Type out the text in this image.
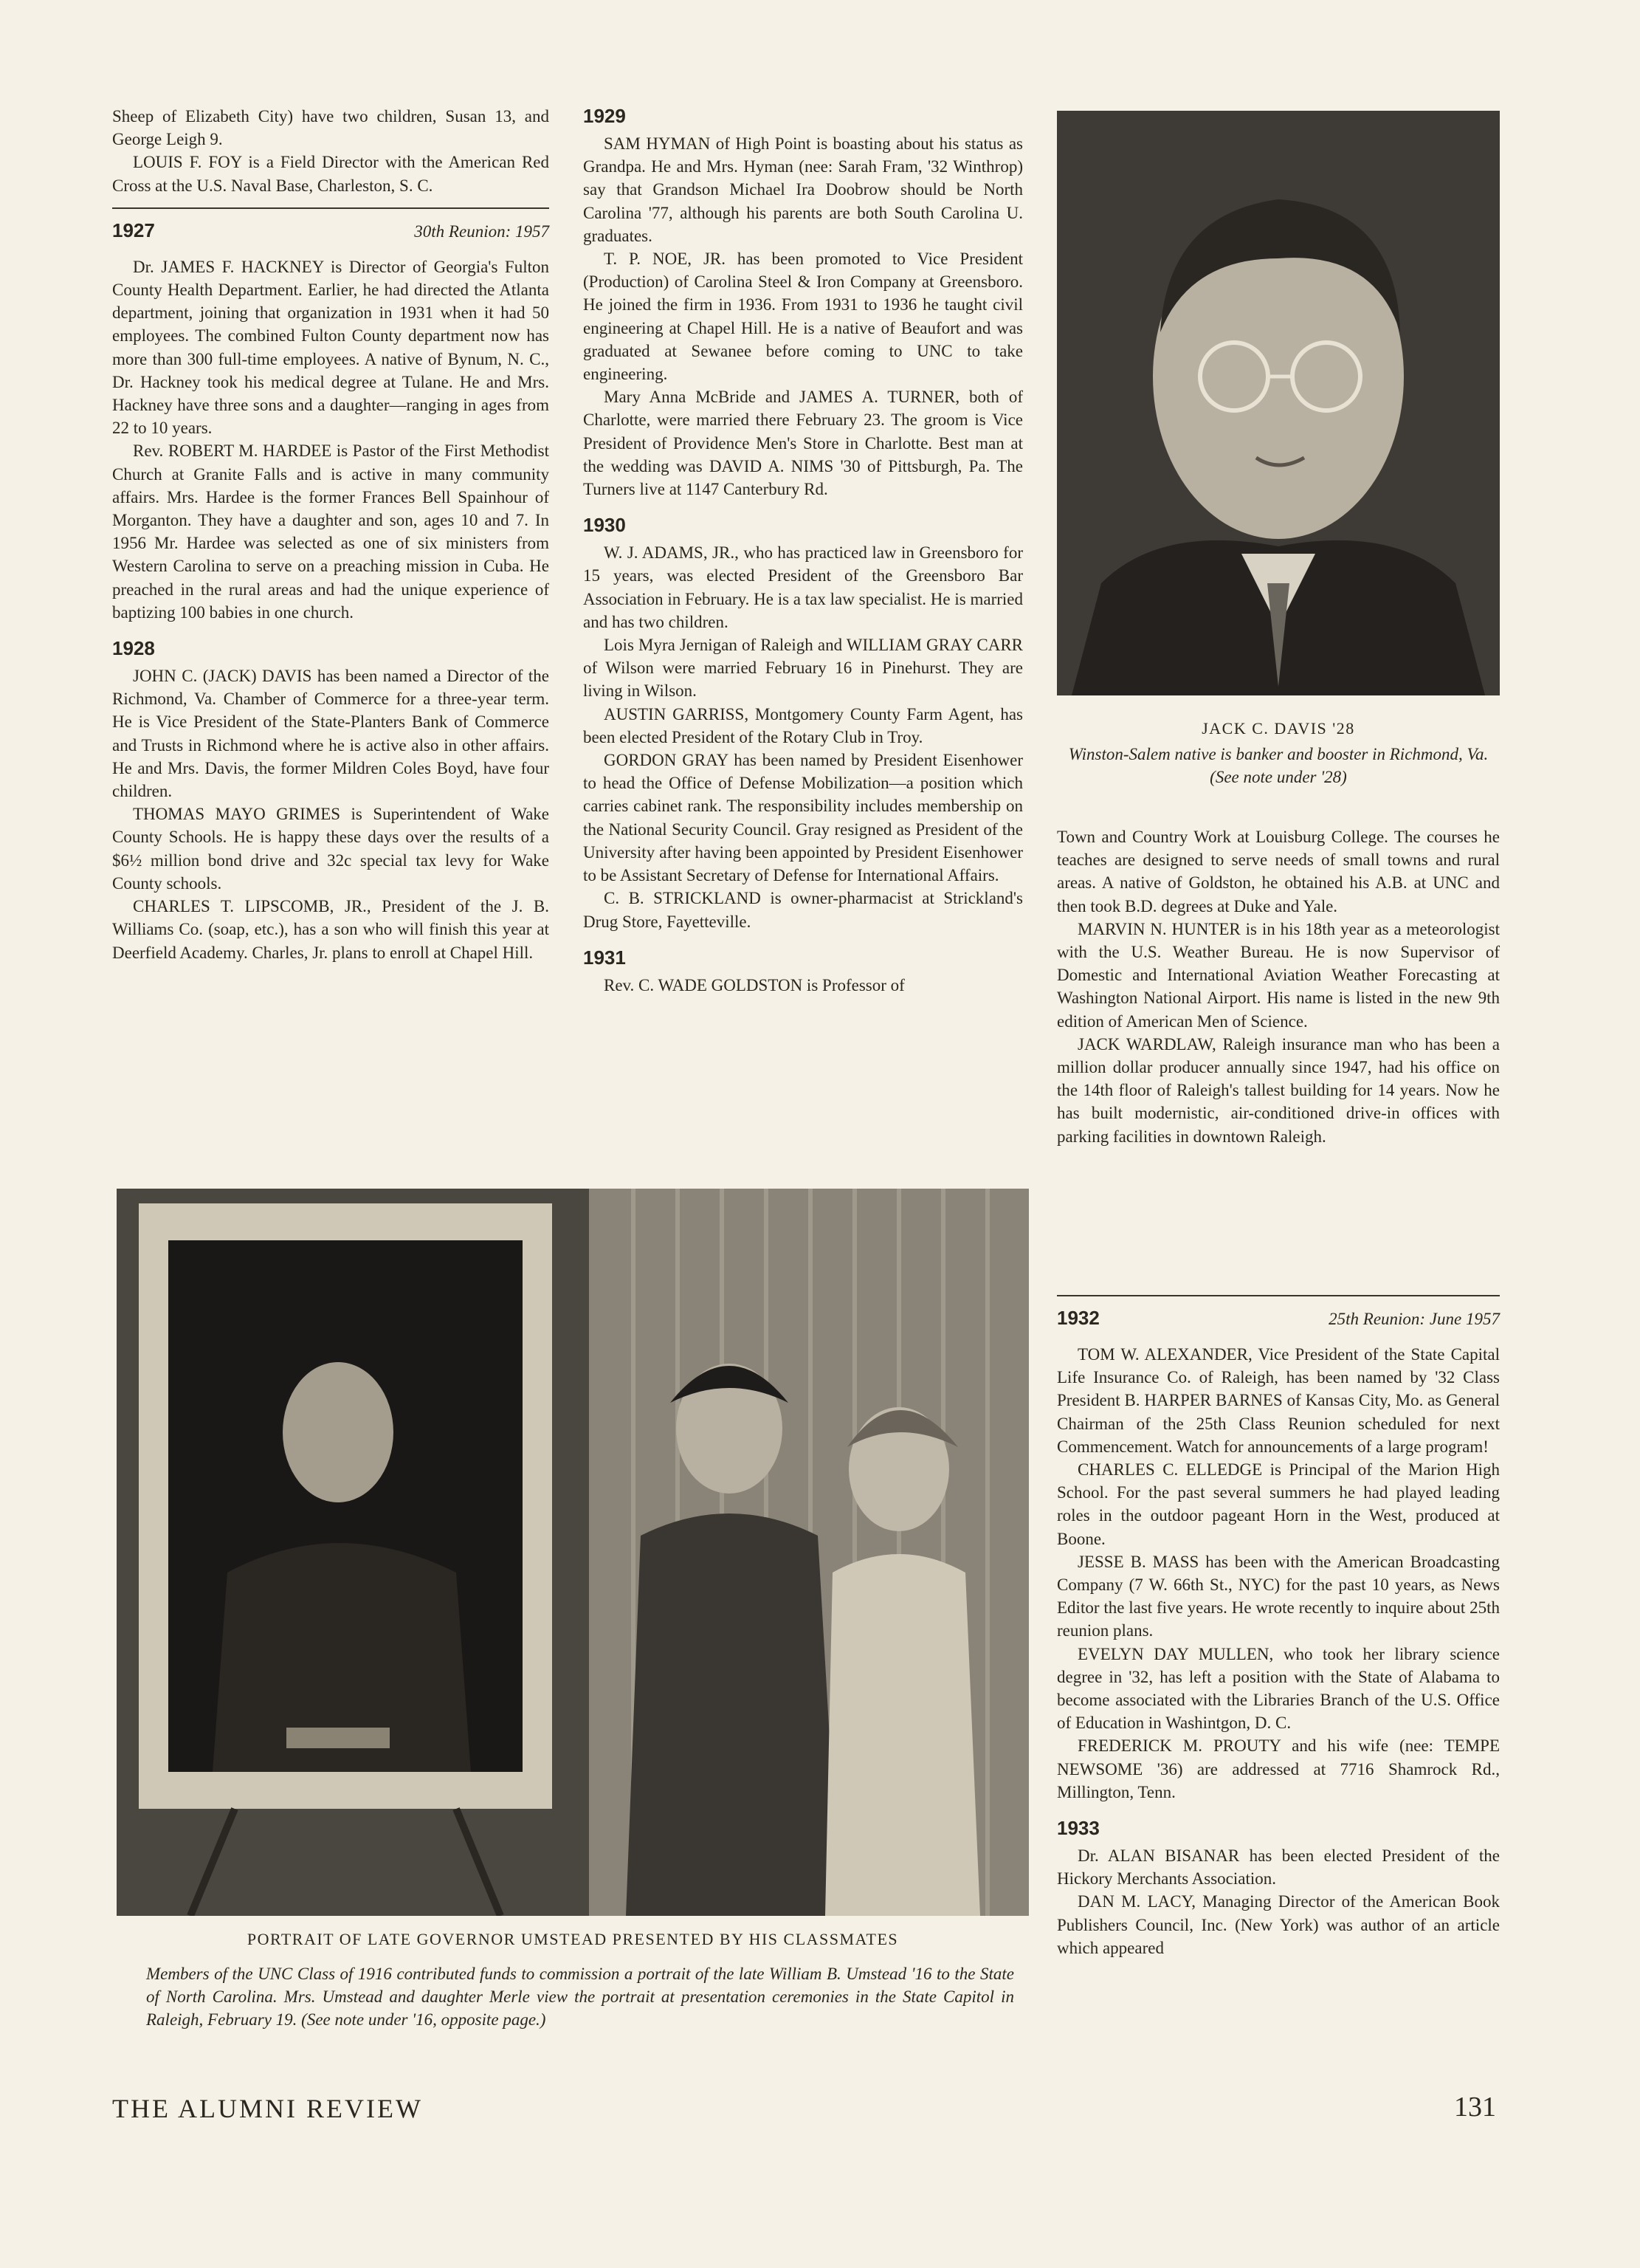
Sheep of Elizabeth City) have two children, Susan 13, and George Leigh 9.

LOUIS F. FOY is a Field Director with the American Red Cross at the U.S. Naval Base, Charleston, S. C.

1927	30th Reunion: 1957

Dr. JAMES F. HACKNEY is Director of Georgia's Fulton County Health Department. Earlier, he had directed the Atlanta department, joining that organization in 1931 when it had 50 employees. The combined Fulton County department now has more than 300 full-time employees. A native of Bynum, N. C., Dr. Hackney took his medical degree at Tulane. He and Mrs. Hackney have three sons and a daughter—ranging in ages from 22 to 10 years.

Rev. ROBERT M. HARDEE is Pastor of the First Methodist Church at Granite Falls and is active in many community affairs. Mrs. Hardee is the former Frances Bell Spainhour of Morganton. They have a daughter and son, ages 10 and 7. In 1956 Mr. Hardee was selected as one of six ministers from Western Carolina to serve on a preaching mission in Cuba. He preached in the rural areas and had the unique experience of baptizing 100 babies in one church.

1928

JOHN C. (JACK) DAVIS has been named a Director of the Richmond, Va. Chamber of Commerce for a three-year term. He is Vice President of the State-Planters Bank of Commerce and Trusts in Richmond where he is active also in other affairs. He and Mrs. Davis, the former Mildren Coles Boyd, have four children.

THOMAS MAYO GRIMES is Superintendent of Wake County Schools. He is happy these days over the results of a $6½ million bond drive and 32c special tax levy for Wake County schools.

CHARLES T. LIPSCOMB, JR., President of the J. B. Williams Co. (soap, etc.), has a son who will finish this year at Deerfield Academy. Charles, Jr. plans to enroll at Chapel Hill.

1929

SAM HYMAN of High Point is boasting about his status as Grandpa. He and Mrs. Hyman (nee: Sarah Fram, '32 Winthrop) say that Grandson Michael Ira Doobrow should be North Carolina '77, although his parents are both South Carolina U. graduates.

T. P. NOE, JR. has been promoted to Vice President (Production) of Carolina Steel & Iron Company at Greensboro. He joined the firm in 1936. From 1931 to 1936 he taught civil engineering at Chapel Hill. He is a native of Beaufort and was graduated at Sewanee before coming to UNC to take engineering.

Mary Anna McBride and JAMES A. TURNER, both of Charlotte, were married there February 23. The groom is Vice President of Providence Men's Store in Charlotte. Best man at the wedding was DAVID A. NIMS '30 of Pittsburgh, Pa. The Turners live at 1147 Canterbury Rd.

1930

W. J. ADAMS, JR., who has practiced law in Greensboro for 15 years, was elected President of the Greensboro Bar Association in February. He is a tax law specialist. He is married and has two children.

Lois Myra Jernigan of Raleigh and WILLIAM GRAY CARR of Wilson were married February 16 in Pinehurst. They are living in Wilson.

AUSTIN GARRISS, Montgomery County Farm Agent, has been elected President of the Rotary Club in Troy.

GORDON GRAY has been named by President Eisenhower to head the Office of Defense Mobilization—a position which carries cabinet rank. The responsibility includes membership on the National Security Council. Gray resigned as President of the University after having been appointed by President Eisenhower to be Assistant Secretary of Defense for International Affairs.

C. B. STRICKLAND is owner-pharmacist at Strickland's Drug Store, Fayetteville.

1931

Rev. C. WADE GOLDSTON is Professor of

JACK C. DAVIS '28
Winston-Salem native is banker and booster in Richmond, Va. (See note under '28)

Town and Country Work at Louisburg College. The courses he teaches are designed to serve needs of small towns and rural areas. A native of Goldston, he obtained his A.B. at UNC and then took B.D. degrees at Duke and Yale.

MARVIN N. HUNTER is in his 18th year as a meteorologist with the U.S. Weather Bureau. He is now Supervisor of Domestic and International Aviation Weather Forecasting at Washington National Airport. His name is listed in the new 9th edition of American Men of Science.

JACK WARDLAW, Raleigh insurance man who has been a million dollar producer annually since 1947, had his office on the 14th floor of Raleigh's tallest building for 14 years. Now he has built modernistic, air-conditioned drive-in offices with parking facilities in downtown Raleigh.

1932	25th Reunion: June 1957

TOM W. ALEXANDER, Vice President of the State Capital Life Insurance Co. of Raleigh, has been named by '32 Class President B. HARPER BARNES of Kansas City, Mo. as General Chairman of the 25th Class Reunion scheduled for next Commencement. Watch for announcements of a large program!

CHARLES C. ELLEDGE is Principal of the Marion High School. For the past several summers he had played leading roles in the outdoor pageant Horn in the West, produced at Boone.

JESSE B. MASS has been with the American Broadcasting Company (7 W. 66th St., NYC) for the past 10 years, as News Editor the last five years. He wrote recently to inquire about 25th reunion plans.

EVELYN DAY MULLEN, who took her library science degree in '32, has left a position with the State of Alabama to become associated with the Libraries Branch of the U.S. Office of Education in Washintgon, D. C.

FREDERICK M. PROUTY and his wife (nee: TEMPE NEWSOME '36) are addressed at 7716 Shamrock Rd., Millington, Tenn.

1933

Dr. ALAN BISANAR has been elected President of the Hickory Merchants Association.

DAN M. LACY, Managing Director of the American Book Publishers Council, Inc. (New York) was author of an article which appeared

PORTRAIT OF LATE GOVERNOR UMSTEAD PRESENTED BY HIS CLASSMATES
Members of the UNC Class of 1916 contributed funds to commission a portrait of the late William B. Umstead '16 to the State of North Carolina. Mrs. Umstead and daughter Merle view the portrait at presentation ceremonies in the State Capitol in Raleigh, February 19. (See note under '16, opposite page.)
THE ALUMNI REVIEW	131
